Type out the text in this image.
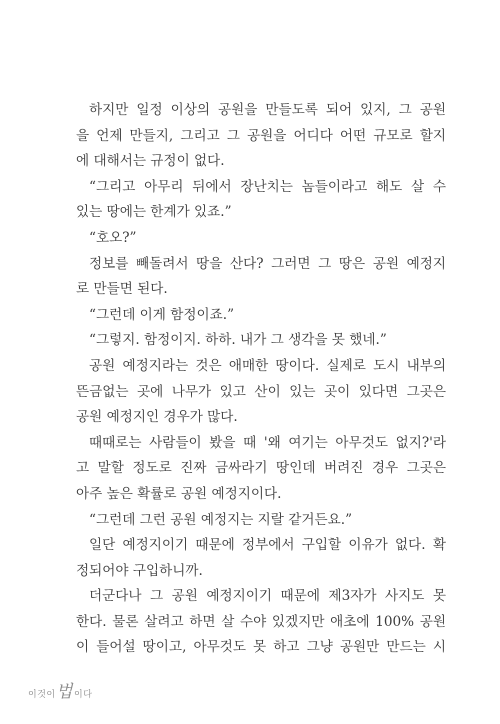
하지만 일정 이상의 공원을 만들도록 되어 있지, 그 공원
을 언제 만들지, 그리고 그 공원을 어디다 어떤 규모로 할지
에 대해서는 규정이 없다.
“그리고 아무리 뒤에서 장난치는 놈들이라고 해도 살 수
있는 땅에는 한계가 있죠.”
“호오?”
정보를 빼돌려서 땅을 산다? 그러면 그 땅은 공원 예정지
로 만들면 된다.
“그런데 이게 함정이죠.”
“그렇지. 함정이지. 하하. 내가 그 생각을 못 했네.”
공원 예정지라는 것은 애매한 땅이다. 실제로 도시 내부의
뜬금없는 곳에 나무가 있고 산이 있는 곳이 있다면 그곳은
공원 예정지인 경우가 많다.
때때로는 사람들이 봤을 때 '왜 여기는 아무것도 없지?'라
고 말할 정도로 진짜 금싸라기 땅인데 버려진 경우 그곳은
아주 높은 확률로 공원 예정지이다.
“그런데 그런 공원 예정지는 지랄 같거든요.”
일단 예정지이기 때문에 정부에서 구입할 이유가 없다. 확
정되어야 구입하니까.
더군다나 그 공원 예정지이기 때문에 제3자가 사지도 못
한다. 물론 살려고 하면 살 수야 있겠지만 애초에 100% 공원
이 들어설 땅이고, 아무것도 못 하고 그냥 공원만 만드는 시
이것이 법 이다
